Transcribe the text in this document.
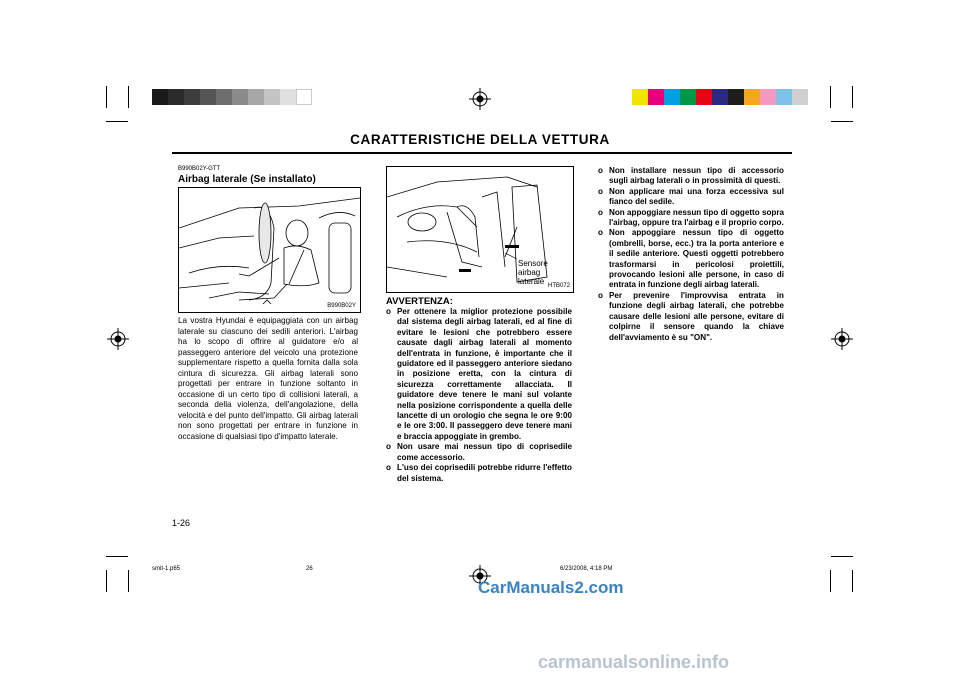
CARATTERISTICHE DELLA VETTURA
B990B02Y-GTT
Airbag laterale (Se installato)
B990B02Y
La vostra Hyundai è equipaggiata con un airbag laterale su ciascuno dei sedili anteriori. L'airbag ha lo scopo di offrire al guidatore e/o al passeggero anteriore del veicolo una protezione supplementare rispetto a quella fornita dalla sola cintura di sicurezza. Gli airbag laterali sono progettati per entrare in funzione soltanto in occasione di un certo tipo di collisioni laterali, a seconda della violenza, dell'angolazione, della velocità e del punto dell'impatto. Gli airbag laterali non sono progettati per entrare in funzione in occasione di qualsiasi tipo d'impatto laterale.
Sensore
airbag
laterale HTB072
AVVERTENZA:
o Per ottenere la miglior protezione possibile dal sistema degli airbag laterali, ed al fine di evitare le lesioni che potrebbero essere causate dagli airbag laterali al momento dell'entrata in funzione, è importante che il guidatore ed il passeggero anteriore siedano in posizione eretta, con la cintura di sicurezza correttamente allacciata. Il guidatore deve tenere le mani sul volante nella posizione corrispondente a quella delle lancette di un orologio che segna le ore 9:00 e le ore 3:00. Il passeggero deve tenere mani e braccia appoggiate in grembo.
o Non usare mai nessun tipo di coprisedile come accessorio.
o L'uso dei coprisedili potrebbe ridurre l'effetto del sistema.
o Non installare nessun tipo di accessorio sugli airbag laterali o in prossimità di questi.
o Non applicare mai una forza eccessiva sul fianco del sedile.
o Non appoggiare nessun tipo di oggetto sopra l'airbag, oppure tra l'airbag e il proprio corpo.
o Non appoggiare nessun tipo di oggetto (ombrelli, borse, ecc.) tra la porta anteriore e il sedile anteriore. Questi oggetti potrebbero trasformarsi in pericolosi proiettili, provocando lesioni alle persone, in caso di entrata in funzione degli airbag laterali.
o Per prevenire l'improvvisa entrata in funzione degli airbag laterali, che potrebbe causare delle lesioni alle persone, evitare di colpirne il sensore quando la chiave dell'avviamento è su "ON".
1-26
smit-1.p65	26	6/23/2008, 4:18 PM
CarManuals2.com
carmanualsonline.info
